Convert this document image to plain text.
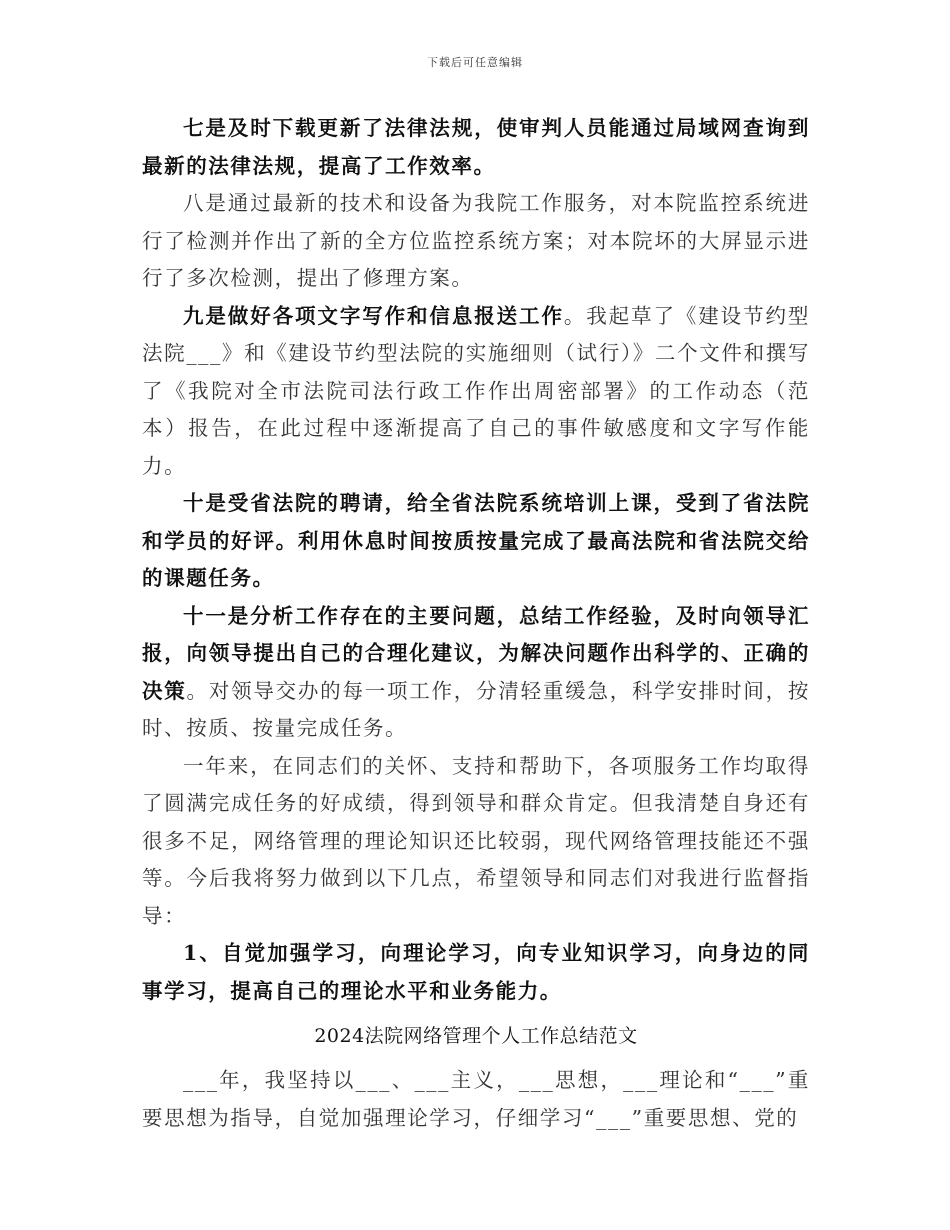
下载后可任意编辑

七是及时下载更新了法律法规，使审判人员能通过局域网查询到最新的法律法规，提高了工作效率。

八是通过最新的技术和设备为我院工作服务，对本院监控系统进行了检测并作出了新的全方位监控系统方案；对本院坏的大屏显示进行了多次检测，提出了修理方案。

九是做好各项文字写作和信息报送工作。我起草了《建设节约型法院___》和《建设节约型法院的实施细则（试行）》二个文件和撰写了《我院对全市法院司法行政工作作出周密部署》的工作动态（范本）报告，在此过程中逐渐提高了自己的事件敏感度和文字写作能力。

十是受省法院的聘请，给全省法院系统培训上课，受到了省法院和学员的好评。利用休息时间按质按量完成了最高法院和省法院交给的课题任务。

十一是分析工作存在的主要问题，总结工作经验，及时向领导汇报，向领导提出自己的合理化建议，为解决问题作出科学的、正确的决策。对领导交办的每一项工作，分清轻重缓急，科学安排时间，按时、按质、按量完成任务。

一年来，在同志们的关怀、支持和帮助下，各项服务工作均取得了圆满完成任务的好成绩，得到领导和群众肯定。但我清楚自身还有很多不足，网络管理的理论知识还比较弱，现代网络管理技能还不强等。今后我将努力做到以下几点，希望领导和同志们对我进行监督指导：

1、自觉加强学习，向理论学习，向专业知识学习，向身边的同事学习，提高自己的理论水平和业务能力。

2024法院网络管理个人工作总结范文

___年，我坚持以___、___主义，___思想，___理论和“___”重要思想为指导，自觉加强理论学习，仔细学习“___”重要思想、党的
